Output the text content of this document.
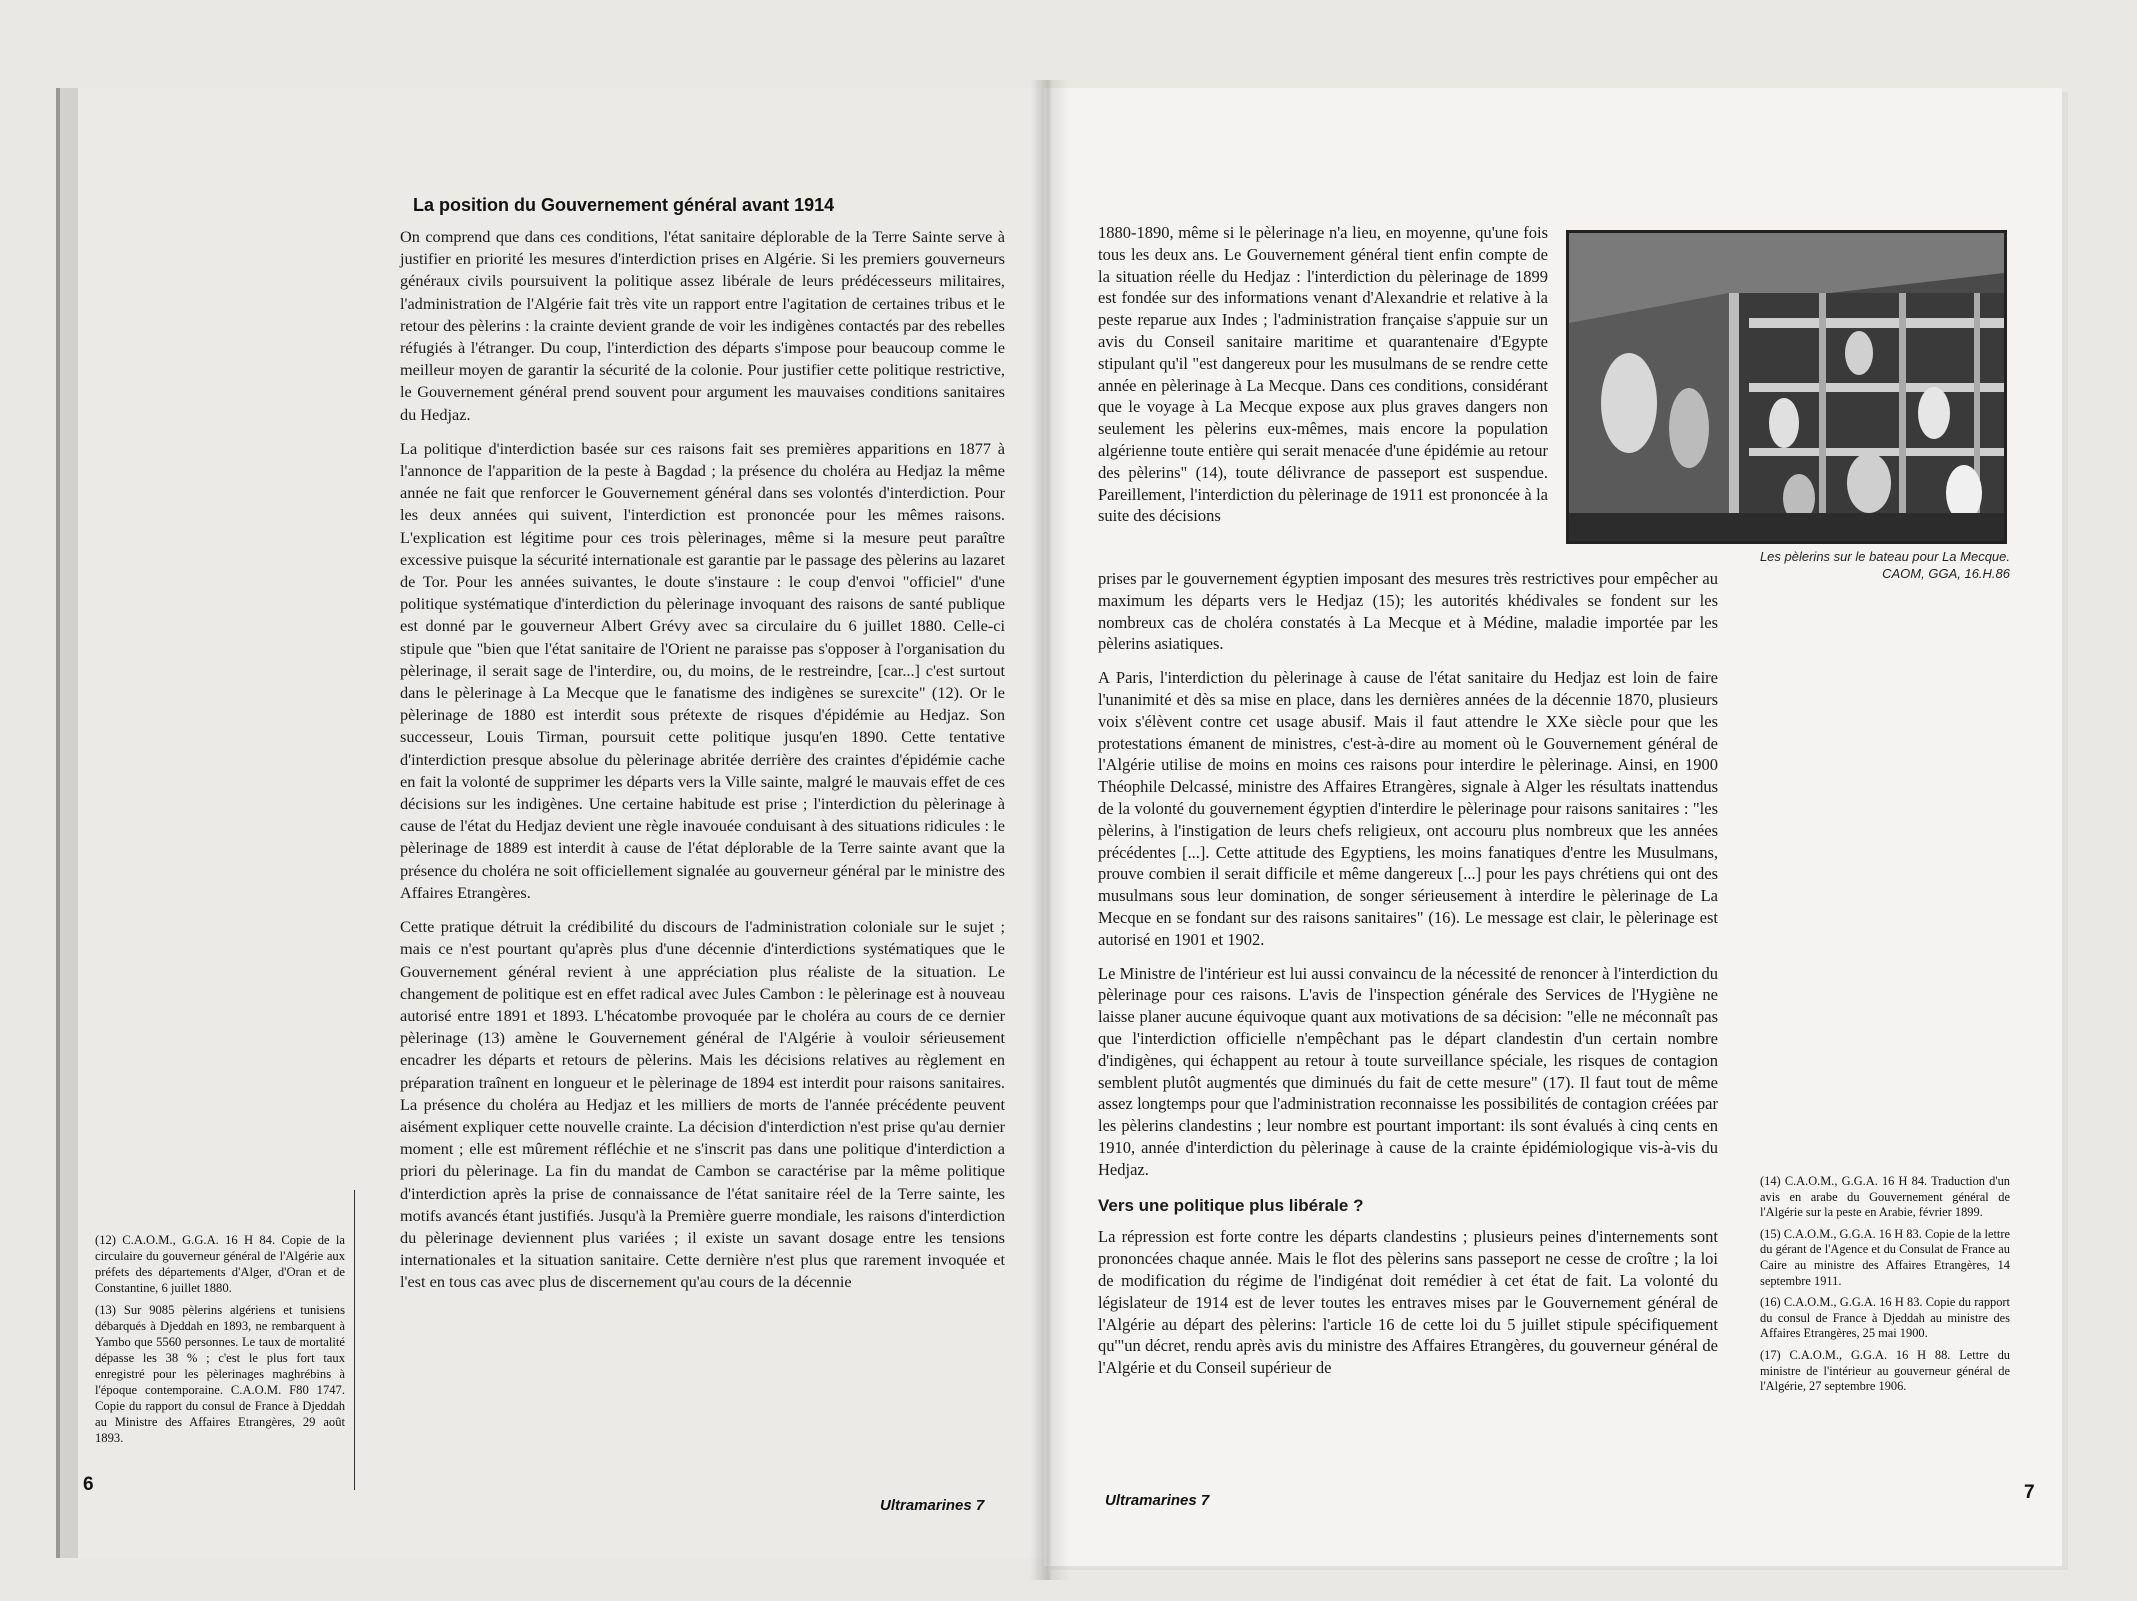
La position du Gouvernement général avant 1914

On comprend que dans ces conditions, l'état sanitaire déplorable de la Terre Sainte serve à justifier en priorité les mesures d'interdiction prises en Algérie. Si les premiers gouverneurs généraux civils poursuivent la politique assez libérale de leurs prédécesseurs militaires, l'administration de l'Algérie fait très vite un rapport entre l'agitation de certaines tribus et le retour des pèlerins : la crainte devient grande de voir les indigènes contactés par des rebelles réfugiés à l'étranger. Du coup, l'interdiction des départs s'impose pour beaucoup comme le meilleur moyen de garantir la sécurité de la colonie. Pour justifier cette politique restrictive, le Gouvernement général prend souvent pour argument les mauvaises conditions sanitaires du Hedjaz.

La politique d'interdiction basée sur ces raisons fait ses premières apparitions en 1877 à l'annonce de l'apparition de la peste à Bagdad ; la présence du choléra au Hedjaz la même année ne fait que renforcer le Gouvernement général dans ses volontés d'interdiction. Pour les deux années qui suivent, l'interdiction est prononcée pour les mêmes raisons. L'explication est légitime pour ces trois pèlerinages, même si la mesure peut paraître excessive puisque la sécurité internationale est garantie par le passage des pèlerins au lazaret de Tor. Pour les années suivantes, le doute s'instaure : le coup d'envoi "officiel" d'une politique systématique d'interdiction du pèlerinage invoquant des raisons de santé publique est donné par le gouverneur Albert Grévy avec sa circulaire du 6 juillet 1880. Celle-ci stipule que "bien que l'état sanitaire de l'Orient ne paraisse pas s'opposer à l'organisation du pèlerinage, il serait sage de l'interdire, ou, du moins, de le restreindre, [car...] c'est surtout dans le pèlerinage à La Mecque que le fanatisme des indigènes se surexcite" (12). Or le pèlerinage de 1880 est interdit sous prétexte de risques d'épidémie au Hedjaz. Son successeur, Louis Tirman, poursuit cette politique jusqu'en 1890. Cette tentative d'interdiction presque absolue du pèlerinage abritée derrière des craintes d'épidémie cache en fait la volonté de supprimer les départs vers la Ville sainte, malgré le mauvais effet de ces décisions sur les indigènes. Une certaine habitude est prise ; l'interdiction du pèlerinage à cause de l'état du Hedjaz devient une règle inavouée conduisant à des situations ridicules : le pèlerinage de 1889 est interdit à cause de l'état déplorable de la Terre sainte avant que la présence du choléra ne soit officiellement signalée au gouverneur général par le ministre des Affaires Etrangères.

Cette pratique détruit la crédibilité du discours de l'administration coloniale sur le sujet ; mais ce n'est pourtant qu'après plus d'une décennie d'interdictions systématiques que le Gouvernement général revient à une appréciation plus réaliste de la situation. Le changement de politique est en effet radical avec Jules Cambon : le pèlerinage est à nouveau autorisé entre 1891 et 1893. L'hécatombe provoquée par le choléra au cours de ce dernier pèlerinage (13) amène le Gouvernement général de l'Algérie à vouloir sérieusement encadrer les départs et retours de pèlerins. Mais les décisions relatives au règlement en préparation traînent en longueur et le pèlerinage de 1894 est interdit pour raisons sanitaires. La présence du choléra au Hedjaz et les milliers de morts de l'année précédente peuvent aisément expliquer cette nouvelle crainte. La décision d'interdiction n'est prise qu'au dernier moment ; elle est mûrement réfléchie et ne s'inscrit pas dans une politique d'interdiction a priori du pèlerinage. La fin du mandat de Cambon se caractérise par la même politique d'interdiction après la prise de connaissance de l'état sanitaire réel de la Terre sainte, les motifs avancés étant justifiés. Jusqu'à la Première guerre mondiale, les raisons d'interdiction du pèlerinage deviennent plus variées ; il existe un savant dosage entre les tensions internationales et la situation sanitaire. Cette dernière n'est plus que rarement invoquée et l'est en tous cas avec plus de discernement qu'au cours de la décennie

(12) C.A.O.M., G.G.A. 16 H 84. Copie de la circulaire du gouverneur général de l'Algérie aux préfets des départements d'Alger, d'Oran et de Constantine, 6 juillet 1880.

(13) Sur 9085 pèlerins algériens et tunisiens débarqués à Djeddah en 1893, ne rembarquent à Yambo que 5560 personnes. Le taux de mortalité dépasse les 38 % ; c'est le plus fort taux enregistré pour les pèlerinages maghrébins à l'époque contemporaine. C.A.O.M. F80 1747. Copie du rapport du consul de France à Djeddah au Ministre des Affaires Etrangères, 29 août 1893.

6
Ultramarines 7

1880-1890, même si le pèlerinage n'a lieu, en moyenne, qu'une fois tous les deux ans. Le Gouvernement général tient enfin compte de la situation réelle du Hedjaz : l'interdiction du pèlerinage de 1899 est fondée sur des informations venant d'Alexandrie et relative à la peste reparue aux Indes ; l'administration française s'appuie sur un avis du Conseil sanitaire maritime et quarantenaire d'Egypte stipulant qu'il "est dangereux pour les musulmans de se rendre cette année en pèlerinage à La Mecque. Dans ces conditions, considérant que le voyage à La Mecque expose aux plus graves dangers non seulement les pèlerins eux-mêmes, mais encore la population algérienne toute entière qui serait menacée d'une épidémie au retour des pèlerins" (14), toute délivrance de passeport est suspendue. Pareillement, l'interdiction du pèlerinage de 1911 est prononcée à la suite des décisions

Les pèlerins sur le bateau pour La Mecque. CAOM, GGA, 16.H.86

prises par le gouvernement égyptien imposant des mesures très restrictives pour empêcher au maximum les départs vers le Hedjaz (15); les autorités khédivales se fondent sur les nombreux cas de choléra constatés à La Mecque et à Médine, maladie importée par les pèlerins asiatiques.

A Paris, l'interdiction du pèlerinage à cause de l'état sanitaire du Hedjaz est loin de faire l'unanimité et dès sa mise en place, dans les dernières années de la décennie 1870, plusieurs voix s'élèvent contre cet usage abusif. Mais il faut attendre le XXe siècle pour que les protestations émanent de ministres, c'est-à-dire au moment où le Gouvernement général de l'Algérie utilise de moins en moins ces raisons pour interdire le pèlerinage. Ainsi, en 1900 Théophile Delcassé, ministre des Affaires Etrangères, signale à Alger les résultats inattendus de la volonté du gouvernement égyptien d'interdire le pèlerinage pour raisons sanitaires : "les pèlerins, à l'instigation de leurs chefs religieux, ont accouru plus nombreux que les années précédentes [...]. Cette attitude des Egyptiens, les moins fanatiques d'entre les Musulmans, prouve combien il serait difficile et même dangereux [...] pour les pays chrétiens qui ont des musulmans sous leur domination, de songer sérieusement à interdire le pèlerinage de La Mecque en se fondant sur des raisons sanitaires" (16). Le message est clair, le pèlerinage est autorisé en 1901 et 1902.

Le Ministre de l'intérieur est lui aussi convaincu de la nécessité de renoncer à l'interdiction du pèlerinage pour ces raisons. L'avis de l'inspection générale des Services de l'Hygiène ne laisse planer aucune équivoque quant aux motivations de sa décision: "elle ne méconnaît pas que l'interdiction officielle n'empêchant pas le départ clandestin d'un certain nombre d'indigènes, qui échappent au retour à toute surveillance spéciale, les risques de contagion semblent plutôt augmentés que diminués du fait de cette mesure" (17). Il faut tout de même assez longtemps pour que l'administration reconnaisse les possibilités de contagion créées par les pèlerins clandestins ; leur nombre est pourtant important: ils sont évalués à cinq cents en 1910, année d'interdiction du pèlerinage à cause de la crainte épidémiologique vis-à-vis du Hedjaz.

Vers une politique plus libérale ?

La répression est forte contre les départs clandestins ; plusieurs peines d'internements sont prononcées chaque année. Mais le flot des pèlerins sans passeport ne cesse de croître ; la loi de modification du régime de l'indigénat doit remédier à cet état de fait. La volonté du législateur de 1914 est de lever toutes les entraves mises par le Gouvernement général de l'Algérie au départ des pèlerins: l'article 16 de cette loi du 5 juillet stipule spécifiquement qu'"un décret, rendu après avis du ministre des Affaires Etrangères, du gouverneur général de l'Algérie et du Conseil supérieur de

(14) C.A.O.M., G.G.A. 16 H 84. Traduction d'un avis en arabe du Gouvernement général de l'Algérie sur la peste en Arabie, février 1899.

(15) C.A.O.M., G.G.A. 16 H 83. Copie de la lettre du gérant de l'Agence et du Consulat de France au Caire au ministre des Affaires Etrangères, 14 septembre 1911.

(16) C.A.O.M., G.G.A. 16 H 83. Copie du rapport du consul de France à Djeddah au ministre des Affaires Etrangères, 25 mai 1900.

(17) C.A.O.M., G.G.A. 16 H 88. Lettre du ministre de l'intérieur au gouverneur général de l'Algérie, 27 septembre 1906.

Ultramarines 7	7
